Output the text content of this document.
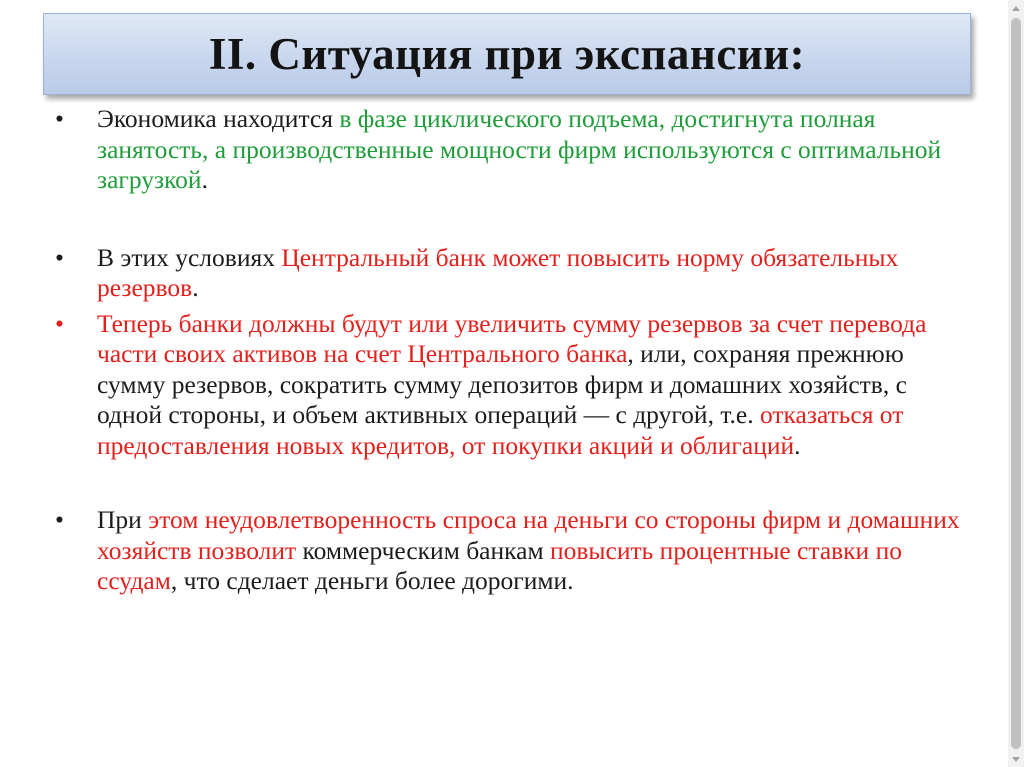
II. Ситуация при экспансии:
•	Экономика находится в фазе циклического подъема, достигнута полная занятость, а производственные мощности фирм используются с оптимальной загрузкой.
•	В этих условиях Центральный банк может повысить норму обязательных резервов.
•	Теперь банки должны будут или увеличить сумму резервов за счет перевода части своих активов на счет Центрального банка, или, сохраняя прежнюю сумму резервов, сократить сумму депозитов фирм и домашних хозяйств, с одной стороны, и объем активных операций — с другой, т.е. отказаться от предоставления новых кредитов, от покупки акций и облигаций.
•	При этом неудовлетворенность спроса на деньги со стороны фирм и домашних хозяйств позволит коммерческим банкам повысить процентные ставки по ссудам, что сделает деньги более дорогими.
